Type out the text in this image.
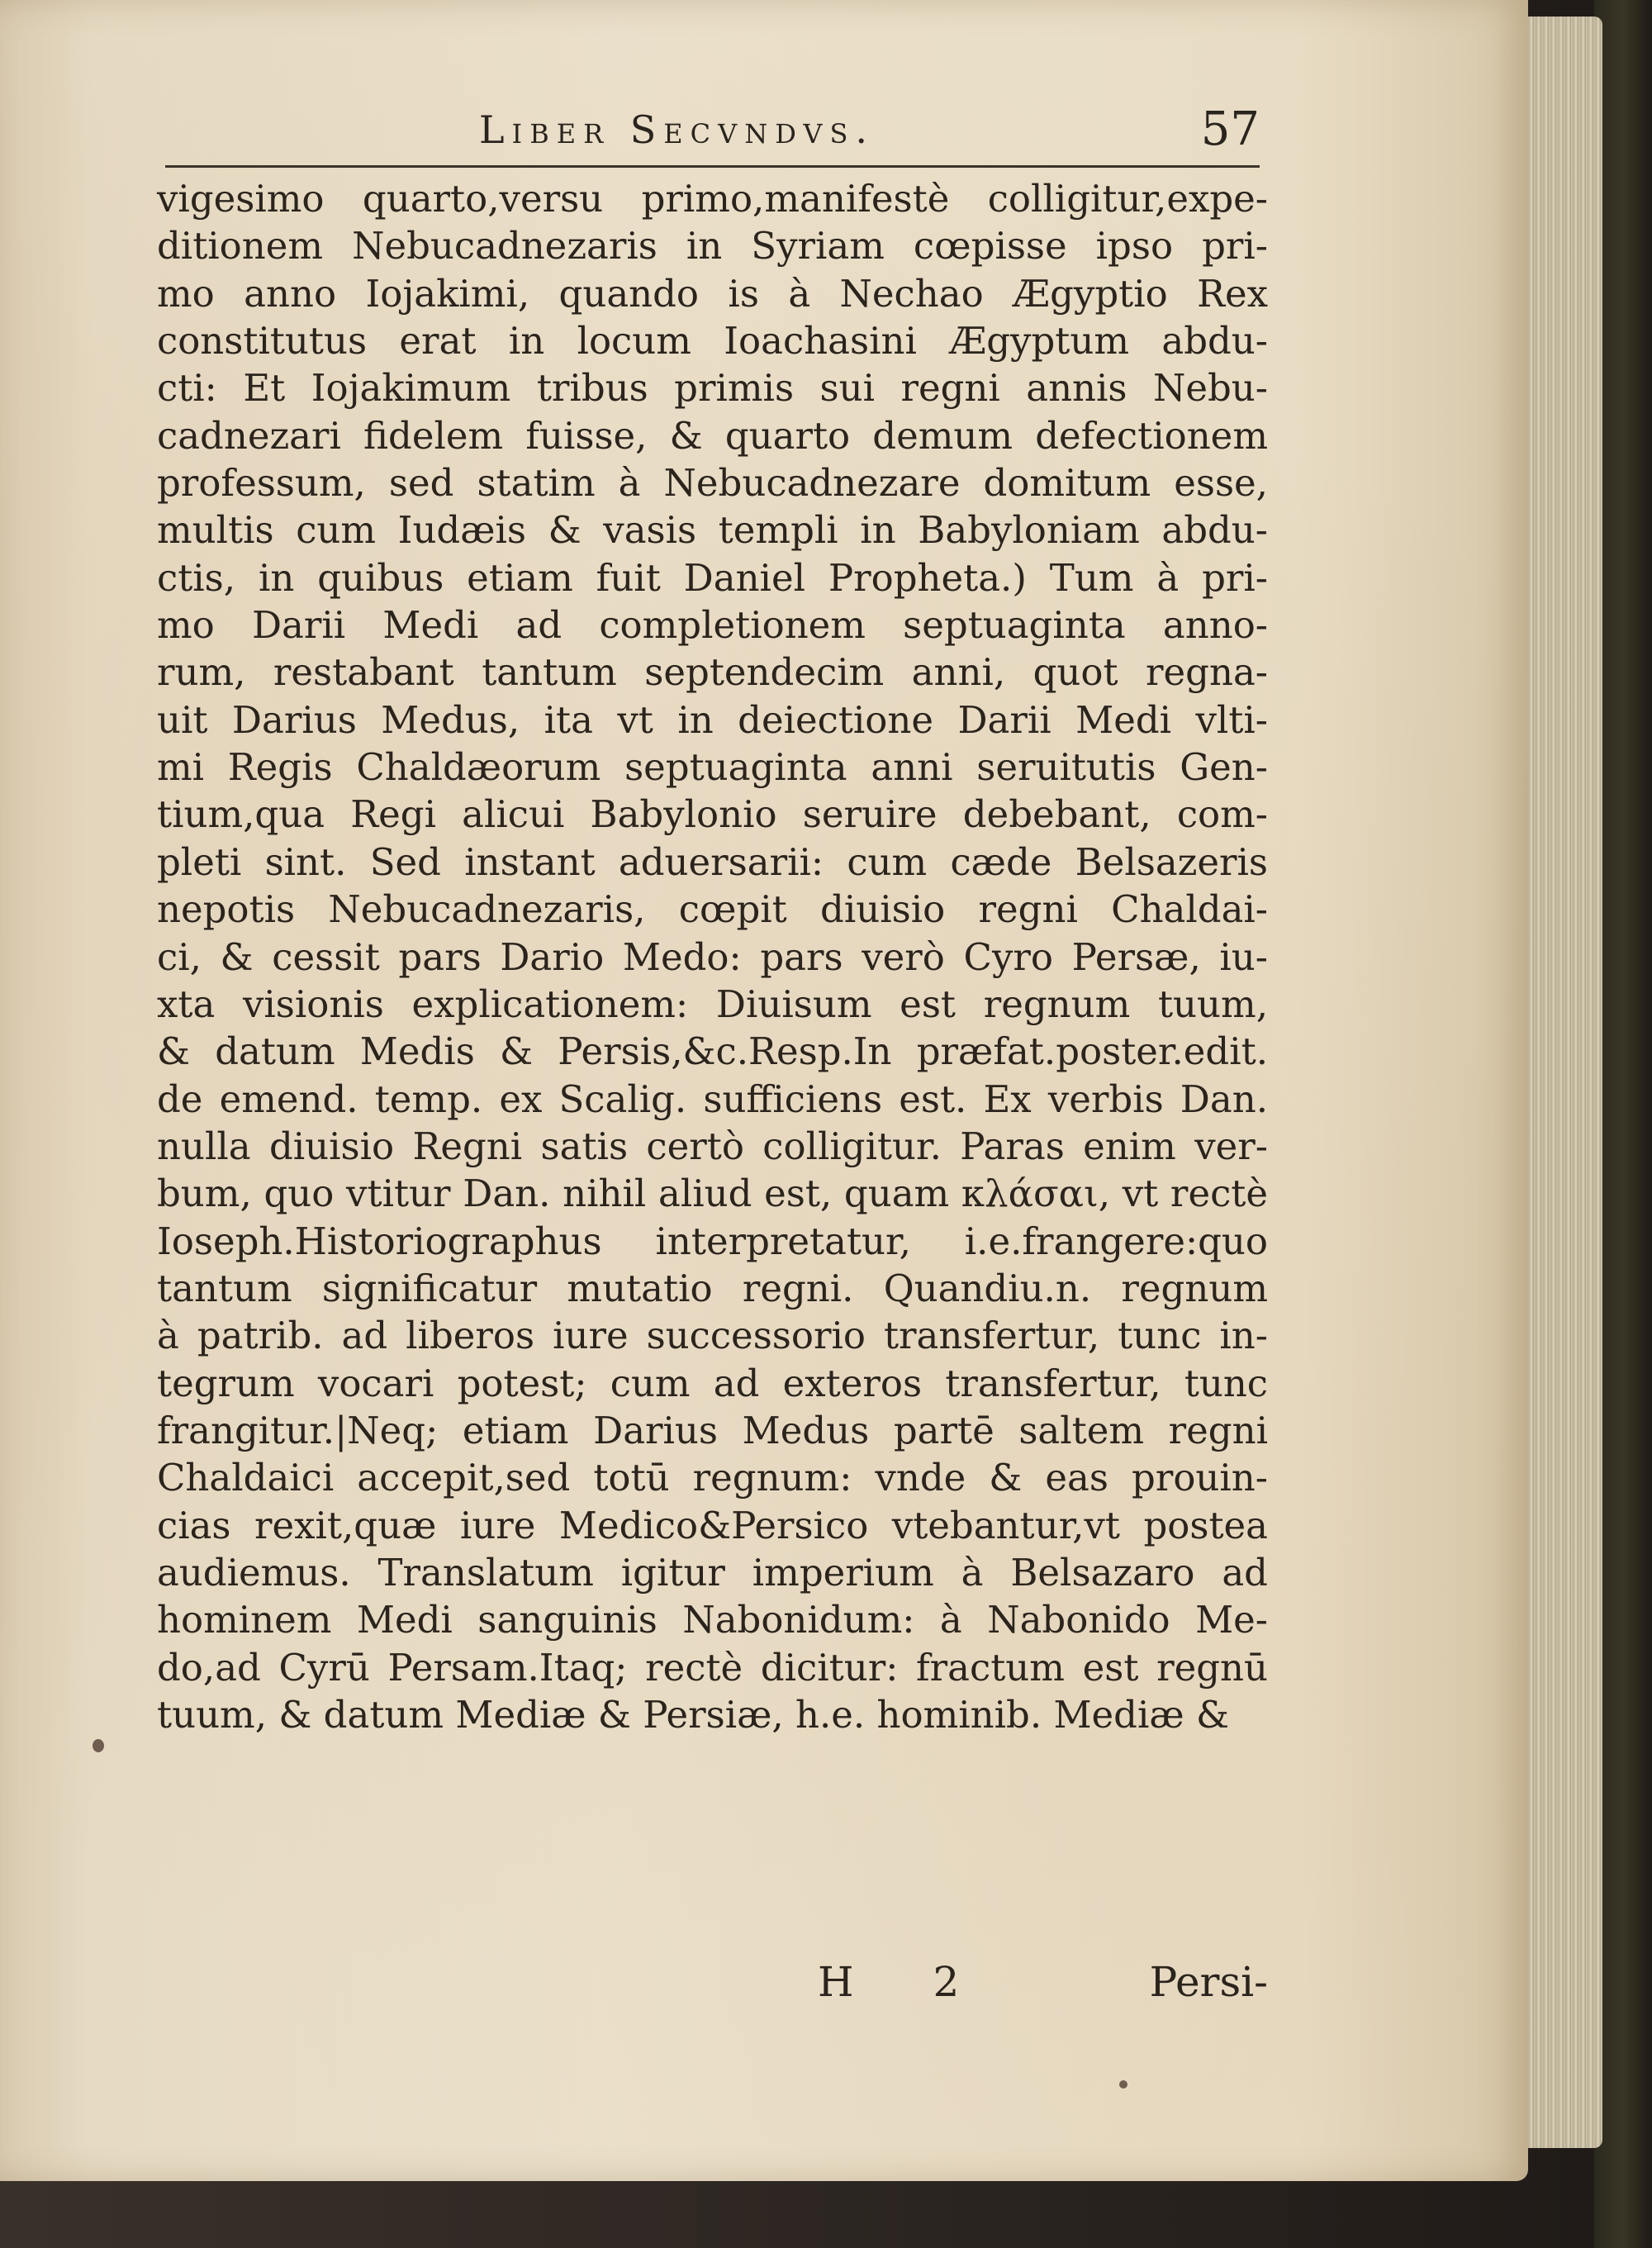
Liber Secvndvs.	57
vigesimo quarto,versu primo,manifestè colligitur,expe-
ditionem Nebucadnezaris in Syriam cœpisse ipso pri-
mo anno Iojakimi, quando is à Nechao Ægyptio Rex
constitutus erat in locum Ioachasini Ægyptum abdu-
cti: Et Iojakimum tribus primis sui regni annis Nebu-
cadnezari fidelem fuisse, & quarto demum defectionem
professum, sed statim à Nebucadnezare domitum esse,
multis cum Iudæis & vasis templi in Babyloniam abdu-
ctis, in quibus etiam fuit Daniel Propheta.) Tum à pri-
mo Darii Medi ad completionem septuaginta anno-
rum, restabant tantum septendecim anni, quot regna-
uit Darius Medus, ita vt in deiectione Darii Medi vlti-
mi Regis Chaldæorum septuaginta anni seruitutis Gen-
tium,qua Regi alicui Babylonio seruire debebant, com-
pleti sint. Sed instant aduersarii: cum cæde Belsazeris
nepotis Nebucadnezaris, cœpit diuisio regni Chaldai-
ci, & cessit pars Dario Medo: pars verò Cyro Persæ, iu-
xta visionis explicationem: Diuisum est regnum tuum,
& datum Medis & Persis,&c.Resp.In præfat.poster.edit.
de emend. temp. ex Scalig. sufficiens est. Ex verbis Dan.
nulla diuisio Regni satis certò colligitur. Paras enim ver-
bum, quo vtitur Dan. nihil aliud est, quam κλάσαι, vt rectè
Ioseph.Historiographus interpretatur, i.e.frangere:quo
tantum significatur mutatio regni. Quandiu.n. regnum
à patrib. ad liberos iure successorio transfertur, tunc in-
tegrum vocari potest; cum ad exteros transfertur, tunc
frangitur.|Neq; etiam Darius Medus partē saltem regni
Chaldaici accepit,sed totū regnum: vnde & eas prouin-
cias rexit,quæ iure Medico&Persico vtebantur,vt postea
audiemus. Translatum igitur imperium à Belsazaro ad
hominem Medi sanguinis Nabonidum: à Nabonido Me-
do,ad Cyrū Persam.Itaq; rectè dicitur: fractum est regnū
tuum, & datum Mediæ & Persiæ, h.e. hominib. Mediæ &
H 2	Persi-
